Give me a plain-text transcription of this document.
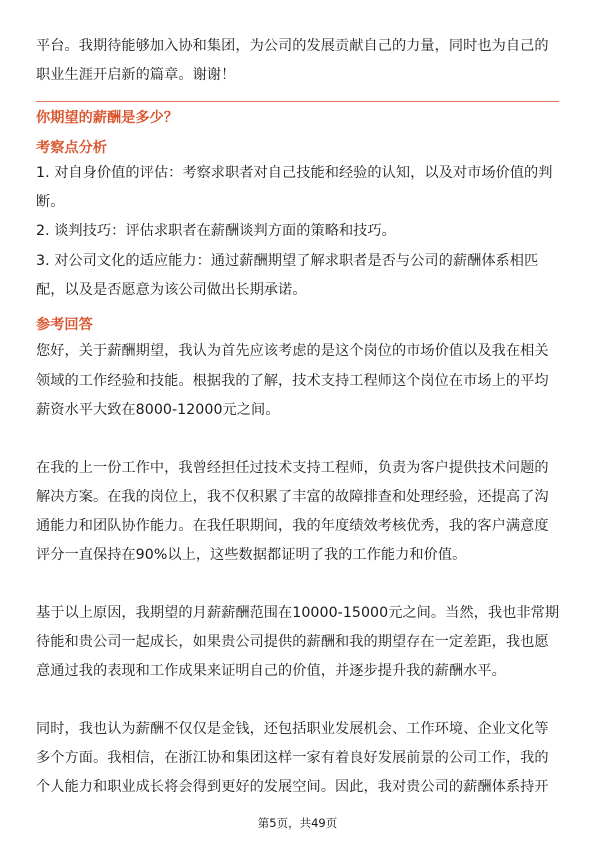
平台。我期待能够加入协和集团，为公司的发展贡献自己的力量，同时也为自己的
职业生涯开启新的篇章。谢谢！
你期望的薪酬是多少？
考察点分析
1. 对自身价值的评估：考察求职者对自己技能和经验的认知，以及对市场价值的判
断。
2. 谈判技巧：评估求职者在薪酬谈判方面的策略和技巧。
3. 对公司文化的适应能力：通过薪酬期望了解求职者是否与公司的薪酬体系相匹
配，以及是否愿意为该公司做出长期承诺。
参考回答
您好，关于薪酬期望，我认为首先应该考虑的是这个岗位的市场价值以及我在相关
领域的工作经验和技能。根据我的了解，技术支持工程师这个岗位在市场上的平均
薪资水平大致在8000-12000元之间。
在我的上一份工作中，我曾经担任过技术支持工程师，负责为客户提供技术问题的
解决方案。在我的岗位上，我不仅积累了丰富的故障排查和处理经验，还提高了沟
通能力和团队协作能力。在我任职期间，我的年度绩效考核优秀，我的客户满意度
评分一直保持在90%以上，这些数据都证明了我的工作能力和价值。
基于以上原因，我期望的月薪薪酬范围在10000-15000元之间。当然，我也非常期
待能和贵公司一起成长，如果贵公司提供的薪酬和我的期望存在一定差距，我也愿
意通过我的表现和工作成果来证明自己的价值，并逐步提升我的薪酬水平。
同时，我也认为薪酬不仅仅是金钱，还包括职业发展机会、工作环境、企业文化等
多个方面。我相信，在浙江协和集团这样一家有着良好发展前景的公司工作，我的
个人能力和职业成长将会得到更好的发展空间。因此，我对贵公司的薪酬体系持开
第5页，共49页
